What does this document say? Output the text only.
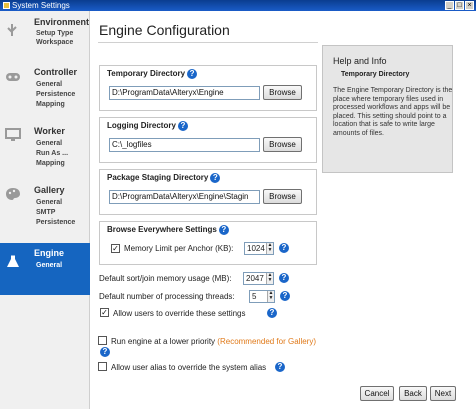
System Settings	_ □ ×
Environment
Setup Type
Workspace
Controller
General
Persistence
Mapping
Worker
General
Run As ...
Mapping
Gallery
General
SMTP
Persistence
Engine
General
Engine Configuration
Temporary Directory ?
D:\ProgramData\Alteryx\Engine	Browse
Logging Directory ?
C:\_logfiles	Browse
Package Staging Directory ?
D:\ProgramData\Alteryx\Engine\Stagin	Browse
Browse Everywhere Settings ?
✓ Memory Limit per Anchor (KB):	1024 ▲
▼	?
Default sort/join memory usage (MB):	2047 ▲
▼	?
Default number of processing threads:	5	▲
▼	?
✓ Allow users to override these settings	?
Run engine at a lower priority (Recommended for Gallery)
?
Allow user alias to override the system alias	?
Help and Info
Temporary Directory
The Engine Temporary Directory is the place where temporary files used in processed workflows and apps will be placed. This setting should point to a location that is safe to write large amounts of files.
Cancel	Back	Next
